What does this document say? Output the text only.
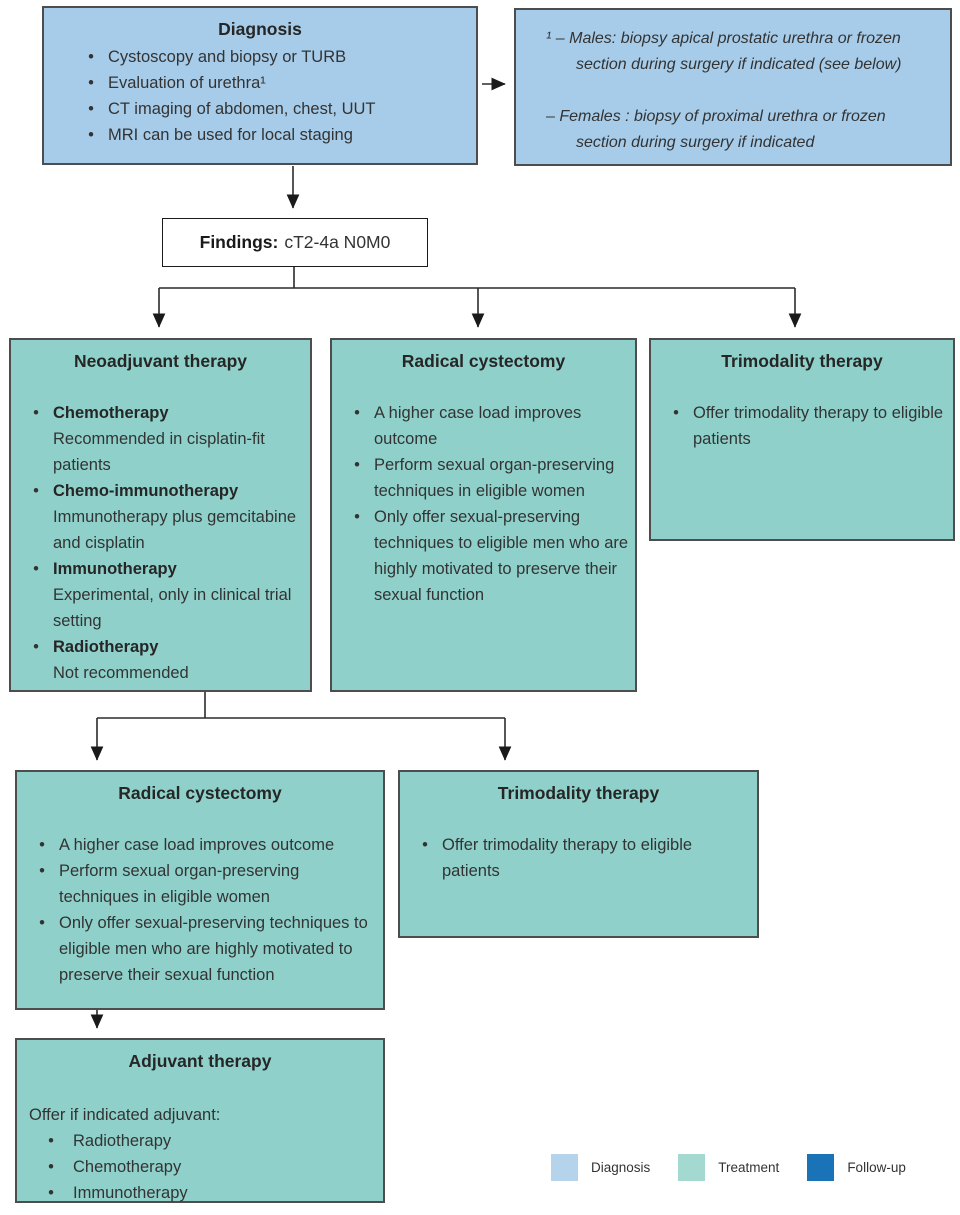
Diagnosis
•
Cystoscopy and biopsy or TURB
•
Evaluation of urethra¹
•
CT imaging of abdomen, chest, UUT
•
MRI can be used for local staging

¹ – Males: biopsy apical prostatic urethra or frozen section during surgery if indicated (see below)

– Females : biopsy of proximal urethra or frozen section during surgery if indicated

Findings: cT2-4a N0M0
Neoadjuvant therapy
•
Chemotherapy
Recommended in cisplatin-fit patients
•
Chemo-immunotherapy
Immunotherapy plus gemcitabine and cisplatin
•
Immunotherapy
Experimental, only in clinical trial setting
•
Radiotherapy
Not recommended
Radical cystectomy
•
A higher case load improves outcome
•
Perform sexual organ-preserving techniques in eligible women
•
Only offer sexual-preserving techniques to eligible men who are highly motivated to preserve their sexual function
Trimodality therapy
•
Offer trimodality therapy to eligible patients
Radical cystectomy
•
A higher case load improves outcome
•
Perform sexual organ-preserving techniques in eligible women
•
Only offer sexual-preserving techniques to eligible men who are highly motivated to preserve their sexual function
Trimodality therapy
•
Offer trimodality therapy to eligible patients
Adjuvant therapy
Offer if indicated adjuvant:
•
Radiotherapy
•
Chemotherapy
•
Immunotherapy
Diagnosis	Treatment	Follow-up
